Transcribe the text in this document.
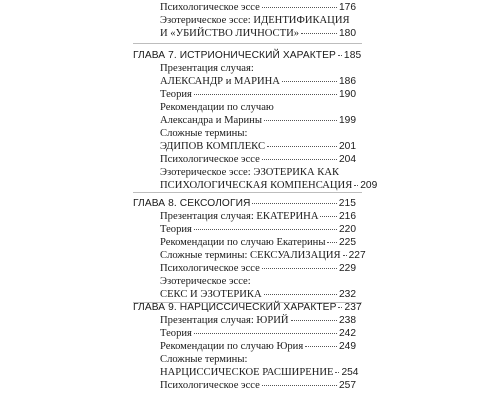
Психологическое эссе	176
Эзотерическое эссе: ИДЕНТИФИКАЦИЯ
И «УБИЙСТВО ЛИЧНОСТИ»	180
ГЛАВА 7. ИСТРИОНИЧЕСКИЙ ХАРАКТЕР 185
Презентация случая:
АЛЕКСАНДР и МАРИНА	186
Теория	190
Рекомендации по случаю
Александра и Марины	199
Сложные термины:
ЭДИПОВ КОМПЛЕКС	201
Психологическое эссе	204
Эзотерическое эссе: ЭЗОТЕРИКА КАК
ПСИХОЛОГИЧЕСКАЯ КОМПЕНСАЦИЯ 209
ГЛАВА 8. СЕКСОЛОГИЯ	215
Презентация случая: ЕКАТЕРИНА 216
Теория	220
Рекомендации по случаю Екатерины 225
Сложные термины: СЕКСУАЛИЗАЦИЯ 227
Психологическое эссе	229
Эзотерическое эссе:
СЕКС И ЭЗОТЕРИКА	232
ГЛАВА 9. НАРЦИССИЧЕСКИЙ ХАРАКТЕР 237
Презентация случая: ЮРИЙ	238
Теория	242
Рекомендации по случаю Юрия	249
Сложные термины:
НАРЦИССИЧЕСКОЕ РАСШИРЕНИЕ 254
Психологическое эссе	257
